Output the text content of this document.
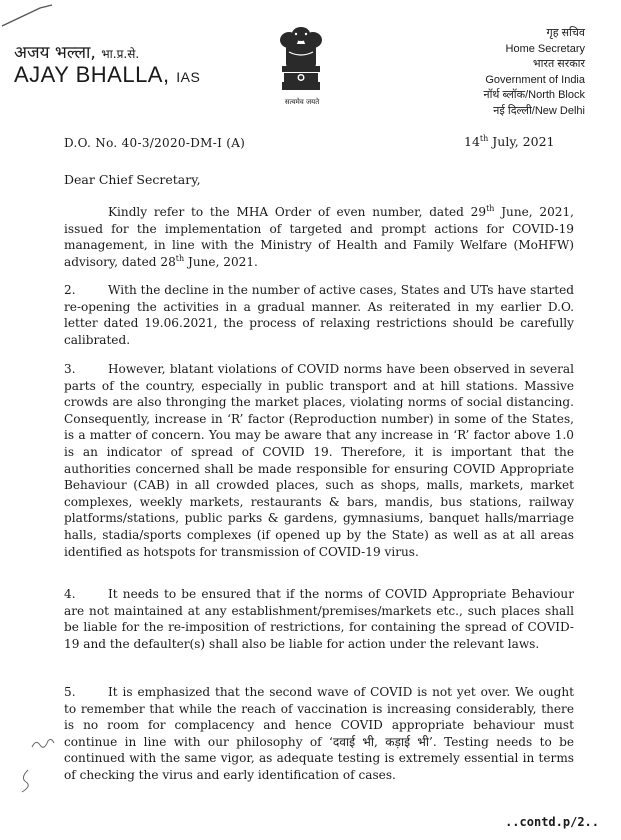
अजय भल्ला, भा.प्र.से.
AJAY BHALLA, IAS
सत्यमेव जयते
गृह सचिव
Home Secretary
भारत सरकार
Government of India
नॉर्थ ब्लॉक/North Block
नई दिल्ली/New Delhi
D.O. No. 40-3/2020-DM-I (A)	14th July, 2021
Dear Chief Secretary,
Kindly refer to the MHA Order of even number, dated 29th June, 2021, issued for the implementation of targeted and prompt actions for COVID-19 management, in line with the Ministry of Health and Family Welfare (MoHFW) advisory, dated 28th June, 2021.
2.	With the decline in the number of active cases, States and UTs have started re-opening the activities in a gradual manner. As reiterated in my earlier D.O. letter dated 19.06.2021, the process of relaxing restrictions should be carefully calibrated.
3.	However, blatant violations of COVID norms have been observed in several parts of the country, especially in public transport and at hill stations. Massive crowds are also thronging the market places, violating norms of social distancing. Consequently, increase in ‘R’ factor (Reproduction number) in some of the States, is a matter of concern. You may be aware that any increase in ‘R’ factor above 1.0 is an indicator of spread of COVID 19. Therefore, it is important that the authorities concerned shall be made responsible for ensuring COVID Appropriate Behaviour (CAB) in all crowded places, such as shops, malls, markets, market complexes, weekly markets, restaurants & bars, mandis, bus stations, railway platforms/stations, public parks & gardens, gymnasiums, banquet halls/marriage halls, stadia/sports complexes (if opened up by the State) as well as at all areas identified as hotspots for transmission of COVID-19 virus.
4.	It needs to be ensured that if the norms of COVID Appropriate Behaviour are not maintained at any establishment/premises/markets etc., such places shall be liable for the re-imposition of restrictions, for containing the spread of COVID-19 and the defaulter(s) shall also be liable for action under the relevant laws.
5.	It is emphasized that the second wave of COVID is not yet over. We ought to remember that while the reach of vaccination is increasing considerably, there is no room for complacency and hence COVID appropriate behaviour must continue in line with our philosophy of ‘दवाई भी, कड़ाई भी’. Testing needs to be continued with the same vigor, as adequate testing is extremely essential in terms of checking the virus and early identification of cases.
..contd.p/2..
